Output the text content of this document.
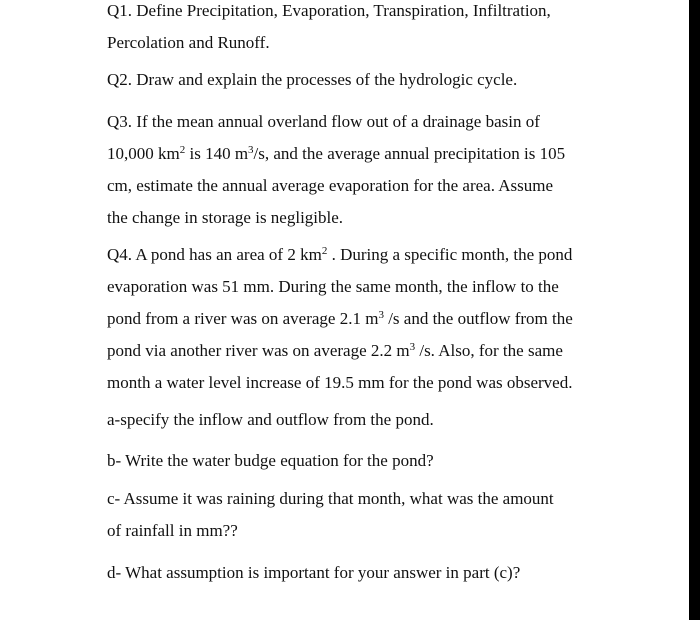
Q1. Define Precipitation, Evaporation, Transpiration, Infiltration,
Percolation and Runoff.
Q2. Draw and explain the processes of the hydrologic cycle.
Q3. If the mean annual overland flow out of a drainage basin of
10,000 $km^2$ is 140 $m^3/s$, and the average annual precipitation is 105
cm, estimate the annual average evaporation for the area. Assume
the change in storage is negligible.
Q4. A pond has an area of 2 $km^2$ . During a specific month, the pond
evaporation was 51 mm. During the same month, the inflow to the
pond from a river was on average 2.1 $m^3$ /s and the outflow from the
pond via another river was on average 2.2 $m^3$ /s. Also, for the same
month a water level increase of 19.5 mm for the pond was observed.
a-specify the inflow and outflow from the pond.
b- Write the water budge equation for the pond?
c- Assume it was raining during that month, what was the amount
of rainfall in mm??
d- What assumption is important for your answer in part (c)?
